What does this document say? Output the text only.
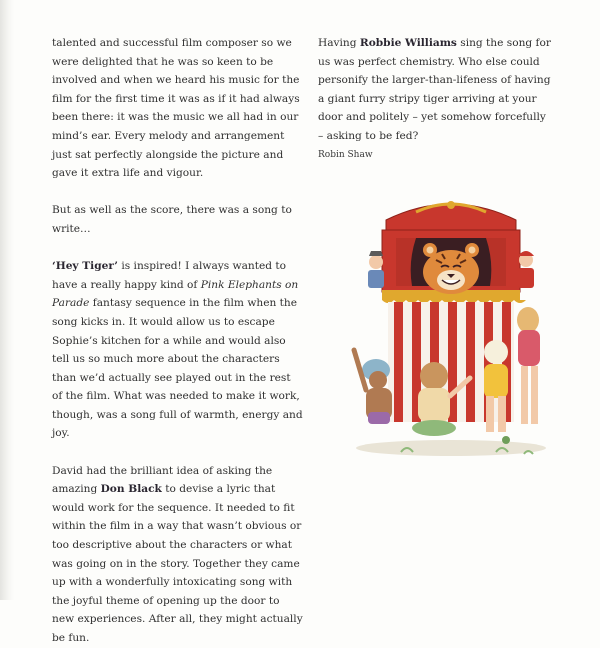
talented and successful film composer so we were delighted that he was so keen to be involved and when we heard his music for the film for the first time it was as if it had always been there: it was the music we all had in our mind’s ear. Every melody and arrangement just sat perfectly alongside the picture and gave it extra life and vigour.

But as well as the score, there was a song to write…

‘Hey Tiger’ is inspired! I always wanted to have a really happy kind of Pink Elephants on Parade fantasy sequence in the film when the song kicks in. It would allow us to escape Sophie’s kitchen for a while and would also tell us so much more about the characters than we’d actually see played out in the rest of the film. What was needed to make it work, though, was a song full of warmth, energy and joy.

David had the brilliant idea of asking the amazing Don Black to devise a lyric that would work for the sequence. It needed to fit within the film in a way that wasn’t obvious or too descriptive about the characters or what was going on in the story. Together they came up with a wonderfully intoxicating song with the joyful theme of opening up the door to new experiences. After all, they might actually be fun.

Having Robbie Williams sing the song for us was perfect chemistry. Who else could personify the larger-than-lifeness of having a giant furry stripy tiger arriving at your door and politely – yet somehow forcefully – asking to be fed?

Robin Shaw
